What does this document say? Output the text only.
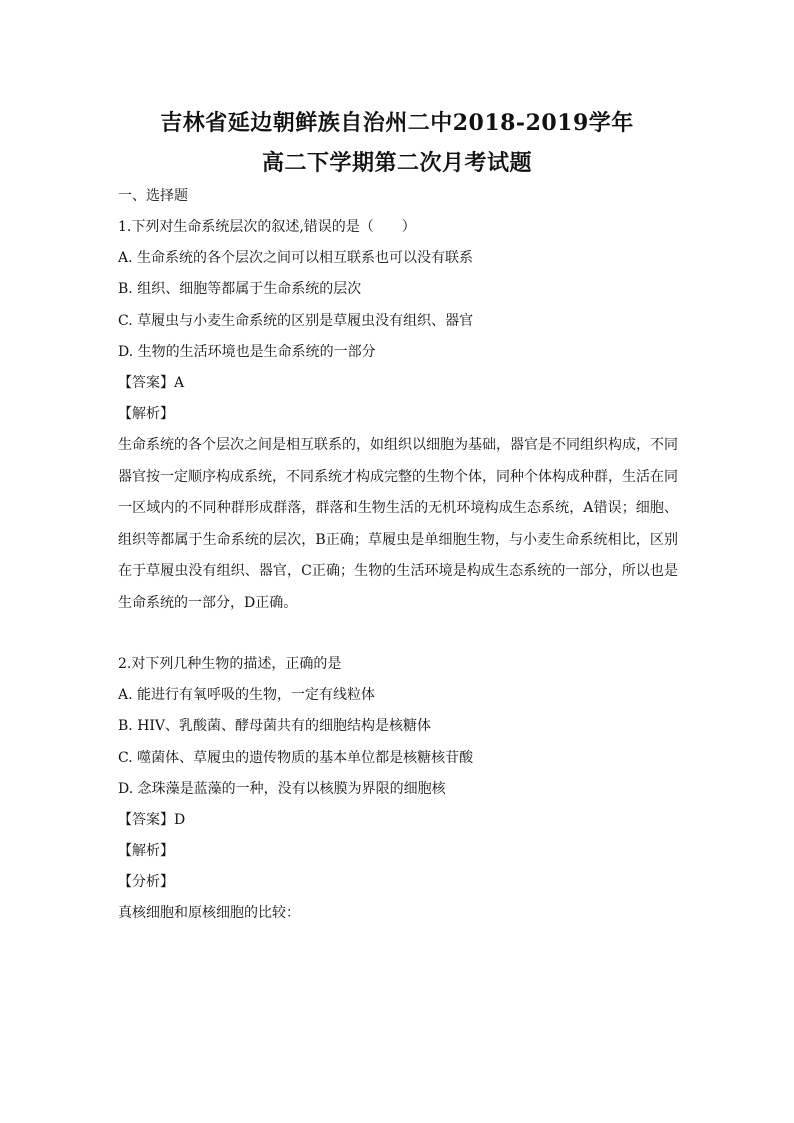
吉林省延边朝鲜族自治州二中2018-2019学年
高二下学期第二次月考试题
一、选择题
1.下列对生命系统层次的叙述,错误的是（　　）
A. 生命系统的各个层次之间可以相互联系也可以没有联系
B. 组织、细胞等都属于生命系统的层次
C. 草履虫与小麦生命系统的区别是草履虫没有组织、器官
D. 生物的生活环境也是生命系统的一部分
【答案】A
【解析】
生命系统的各个层次之间是相互联系的，如组织以细胞为基础，器官是不同组织构成，不同器官按一定顺序构成系统，不同系统才构成完整的生物个体，同种个体构成种群，生活在同一区域内的不同种群形成群落，群落和生物生活的无机环境构成生态系统，A错误；细胞、组织等都属于生命系统的层次，B正确；草履虫是单细胞生物，与小麦生命系统相比，区别在于草履虫没有组织、器官，C正确；生物的生活环境是构成生态系统的一部分，所以也是生命系统的一部分，D正确。
2.对下列几种生物的描述，正确的是
A. 能进行有氧呼吸的生物，一定有线粒体
B. HIV、乳酸菌、酵母菌共有的细胞结构是核糖体
C. 噬菌体、草履虫的遗传物质的基本单位都是核糖核苷酸
D. 念珠藻是蓝藻的一种，没有以核膜为界限的细胞核
【答案】D
【解析】
【分析】
真核细胞和原核细胞的比较：
